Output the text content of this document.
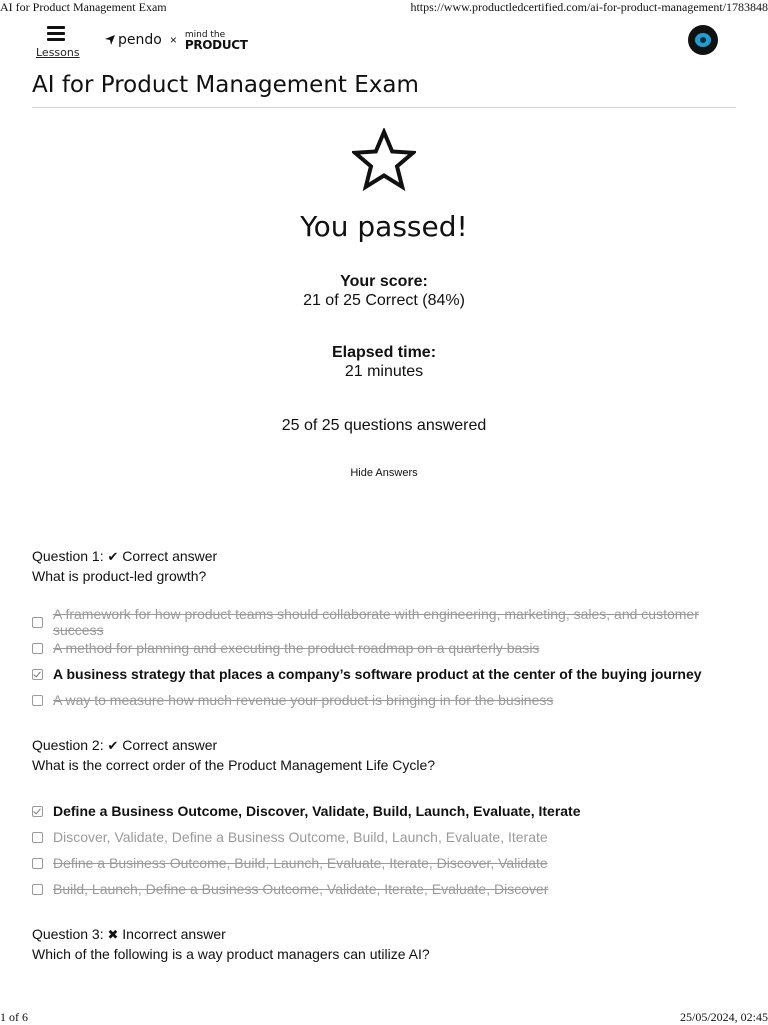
AI for Product Management Exam	https://www.productledcertified.com/ai-for-product-management/1783848
Lessons
pendo × mind the
PRODUCT
AI for Product Management Exam
You passed!
Your score:
21 of 25 Correct (84%)
Elapsed time:
21 minutes
25 of 25 questions answered
Hide Answers
Question 1: ✔ Correct answer
What is product-led growth?
A framework for how product teams should collaborate with engineering, marketing, sales, and customer success
A method for planning and executing the product roadmap on a quarterly basis
A business strategy that places a company’s software product at the center of the buying journey
A way to measure how much revenue your product is bringing in for the business
Question 2: ✔ Correct answer
What is the correct order of the Product Management Life Cycle?
Define a Business Outcome, Discover, Validate, Build, Launch, Evaluate, Iterate
Discover, Validate, Define a Business Outcome, Build, Launch, Evaluate, Iterate
Define a Business Outcome, Build, Launch, Evaluate, Iterate, Discover, Validate
Build, Launch, Define a Business Outcome, Validate, Iterate, Evaluate, Discover
Question 3: ✖ Incorrect answer
Which of the following is a way product managers can utilize AI?
1 of 6	25/05/2024, 02:45
